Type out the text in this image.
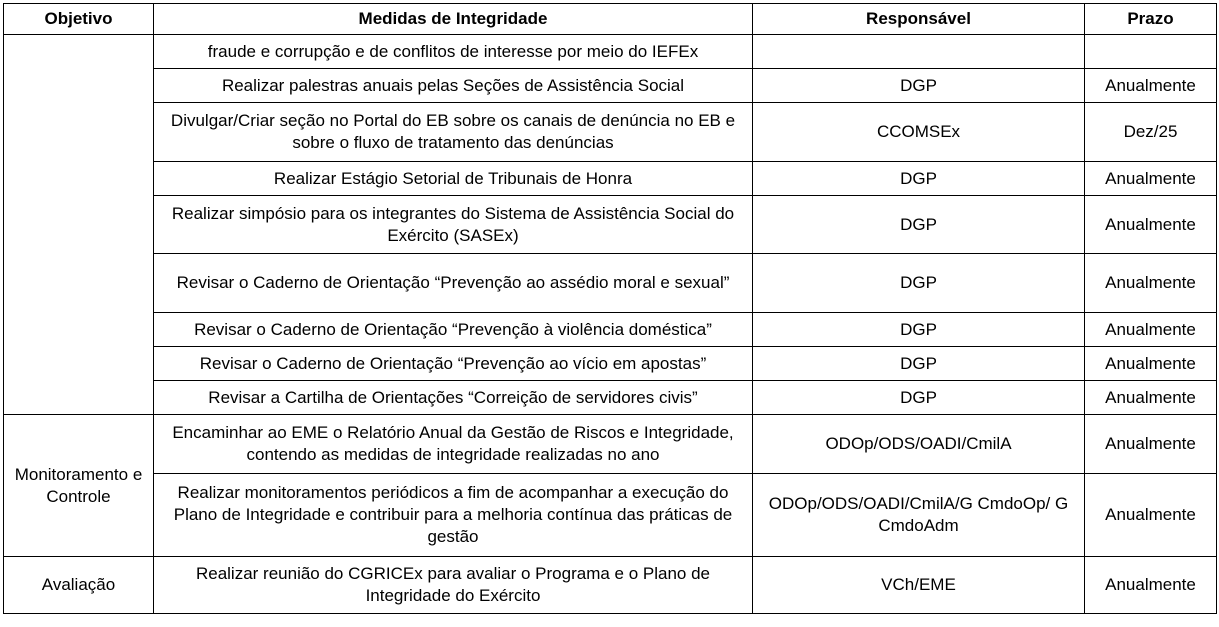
Objetivo	Medidas de Integridade	Responsável	Prazo
	fraude e corrupção e de conflitos de interesse por meio do IEFEx		
	Realizar palestras anuais pelas Seções de Assistência Social	DGP	Anualmente
	Divulgar/Criar seção no Portal do EB sobre os canais de denúncia no EB e sobre o fluxo de tratamento das denúncias	CCOMSEx	Dez/25
	Realizar Estágio Setorial de Tribunais de Honra	DGP	Anualmente
	Realizar simpósio para os integrantes do Sistema de Assistência Social do Exército (SASEx)	DGP	Anualmente
	Revisar o Caderno de Orientação “Prevenção ao assédio moral e sexual”	DGP	Anualmente
	Revisar o Caderno de Orientação “Prevenção à violência doméstica”	DGP	Anualmente
	Revisar o Caderno de Orientação “Prevenção ao vício em apostas”	DGP	Anualmente
	Revisar a Cartilha de Orientações “Correição de servidores civis”	DGP	Anualmente
Monitoramento e Controle	Encaminhar ao EME o Relatório Anual da Gestão de Riscos e Integridade, contendo as medidas de integridade realizadas no ano	ODOp/ODS/OADI/CmilA	Anualmente
	Realizar monitoramentos periódicos a fim de acompanhar a execução do Plano de Integridade e contribuir para a melhoria contínua das práticas de gestão	ODOp/ODS/OADI/CmilA/G CmdoOp/ G CmdoAdm	Anualmente
Avaliação	Realizar reunião do CGRICEx para avaliar o Programa e o Plano de Integridade do Exército	VCh/EME	Anualmente
